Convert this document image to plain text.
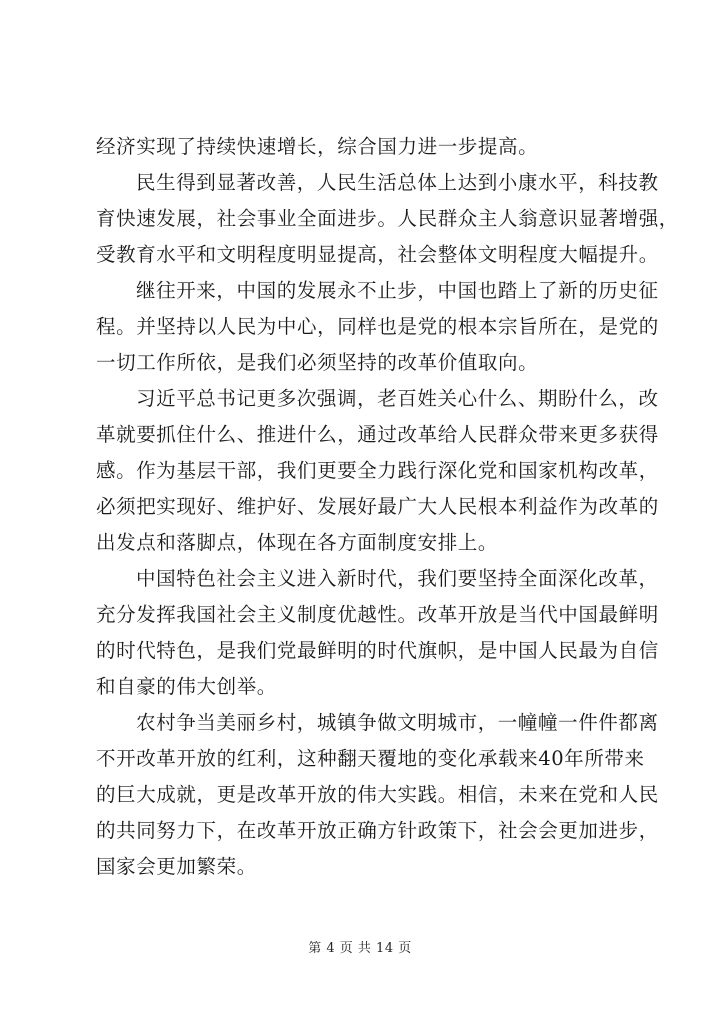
经济实现了持续快速增长，综合国力进一步提高。
民生得到显著改善，人民生活总体上达到小康水平，科技教
育快速发展，社会事业全面进步。人民群众主人翁意识显著增强，
受教育水平和文明程度明显提高，社会整体文明程度大幅提升。
继往开来，中国的发展永不止步，中国也踏上了新的历史征
程。并坚持以人民为中心，同样也是党的根本宗旨所在，是党的
一切工作所依，是我们必须坚持的改革价值取向。
习近平总书记更多次强调，老百姓关心什么、期盼什么，改
革就要抓住什么、推进什么，通过改革给人民群众带来更多获得
感。作为基层干部，我们更要全力践行深化党和国家机构改革，
必须把实现好、维护好、发展好最广大人民根本利益作为改革的
出发点和落脚点，体现在各方面制度安排上。
中国特色社会主义进入新时代，我们要坚持全面深化改革，
充分发挥我国社会主义制度优越性。改革开放是当代中国最鲜明
的时代特色，是我们党最鲜明的时代旗帜，是中国人民最为自信
和自豪的伟大创举。
农村争当美丽乡村，城镇争做文明城市，一幢幢一件件都离
不开改革开放的红利，这种翻天覆地的变化承载来40年所带来
的巨大成就，更是改革开放的伟大实践。相信，未来在党和人民
的共同努力下，在改革开放正确方针政策下，社会会更加进步，
国家会更加繁荣。
第 4 页 共 14 页
